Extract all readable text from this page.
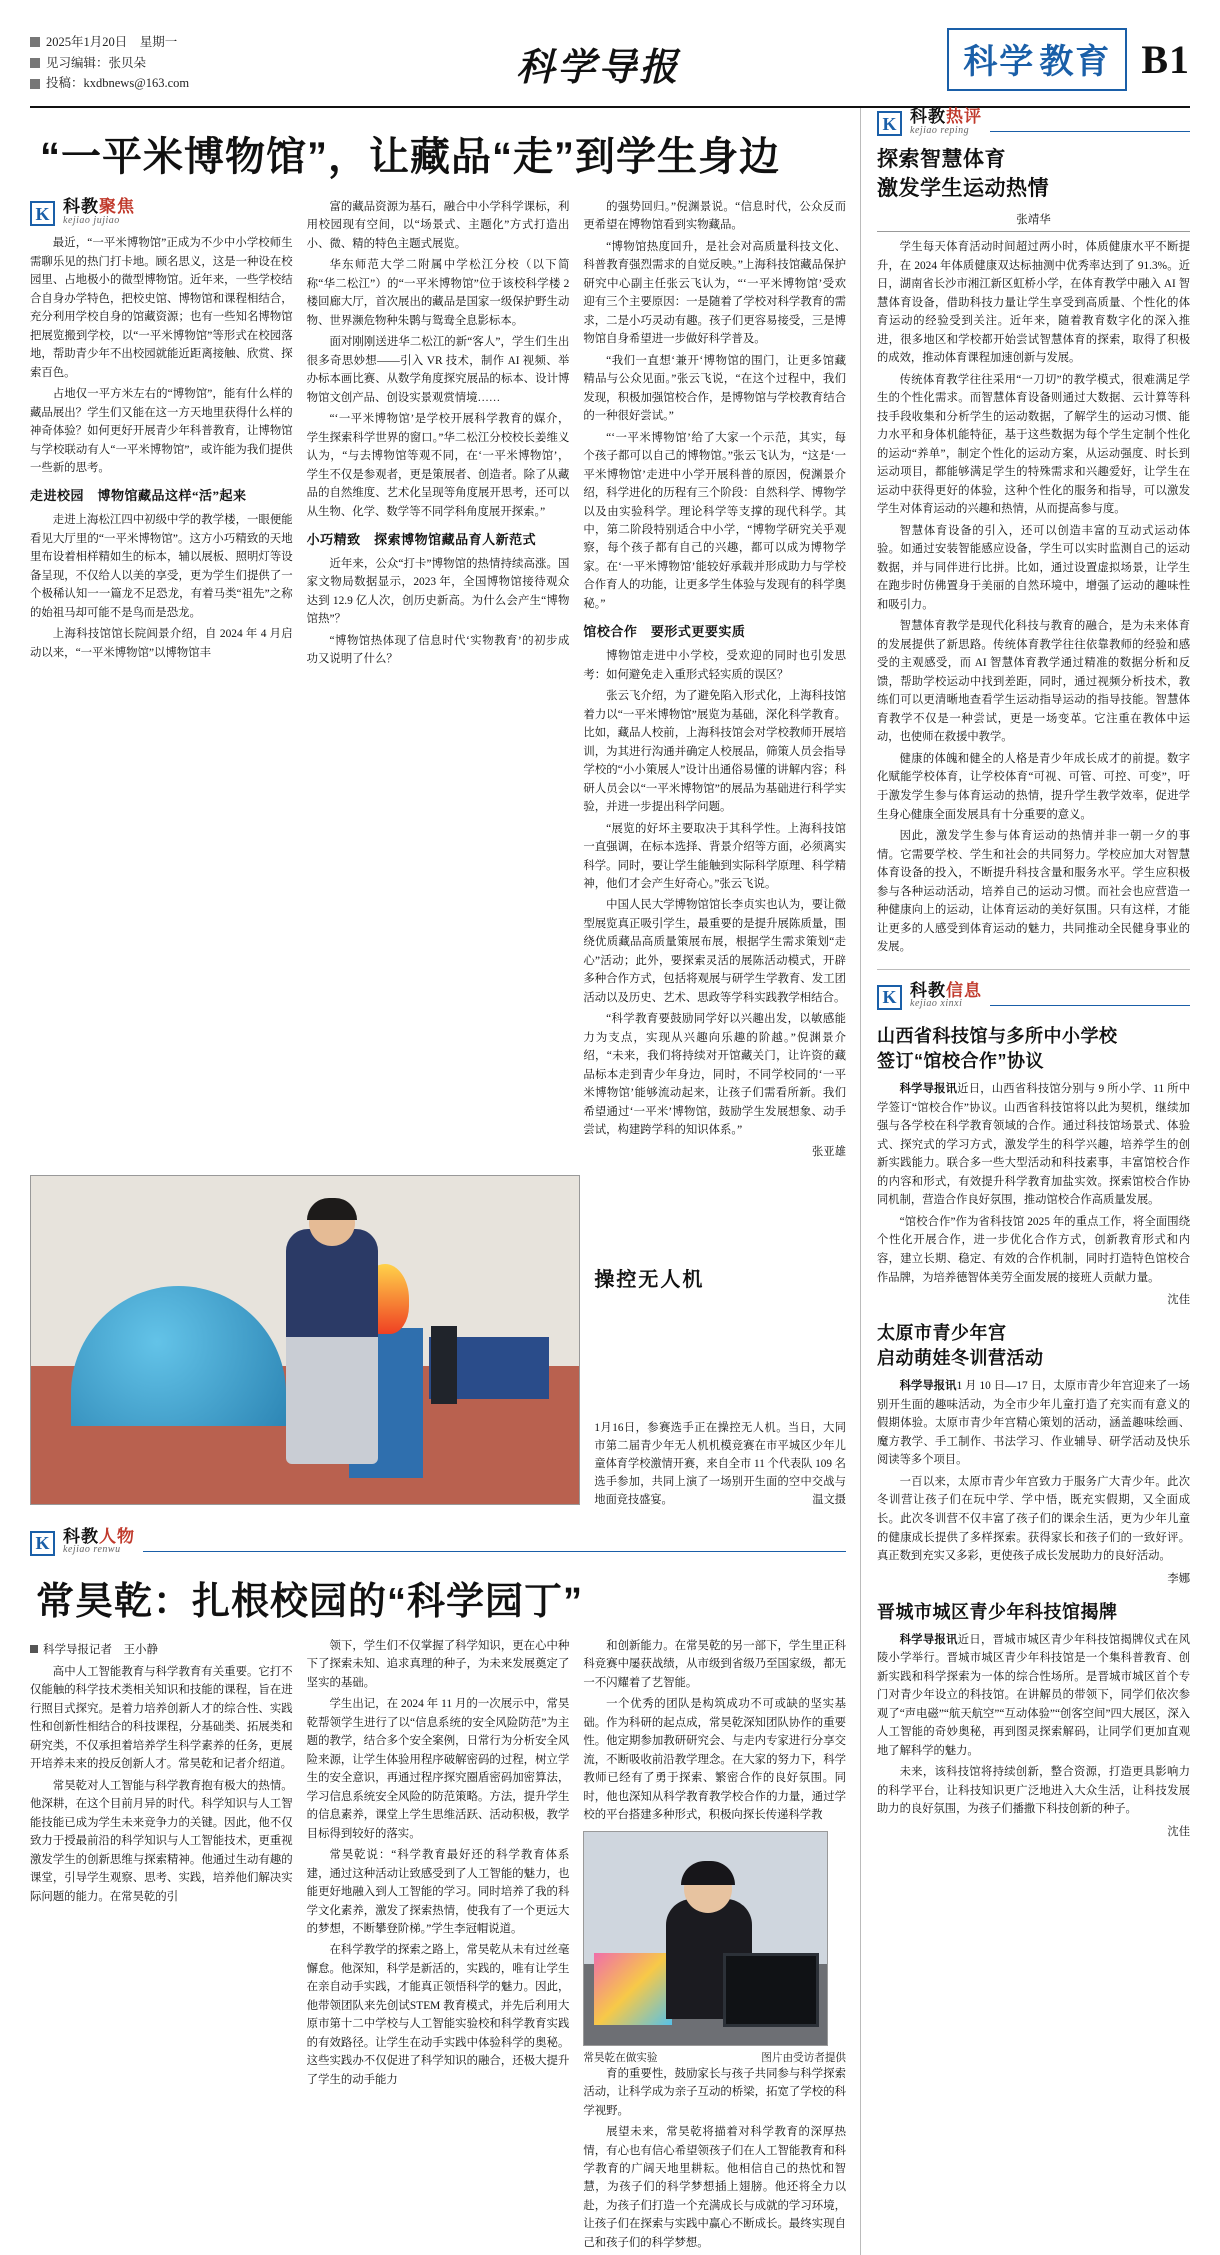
2025年1月20日　星期一
见习编辑：张贝朵
投稿：kxdbnews@163.com	科学导报	科学 教育 B1
“一平米博物馆”，让藏品“走”到学生身边
K 科教聚焦
kejiao jujiao

最近，“一平米博物馆”正成为不少中小学校师生需聊乐见的热门打卡地。顾名思义，这是一种设在校园里、占地极小的微型博物馆。近年来，一些学校结合自身办学特色，把校史馆、博物馆和课程相结合，充分利用学校自身的馆藏资源；也有一些知名博物馆把展览搬到学校，以“一平米博物馆”等形式在校园落地，帮助青少年不出校园就能近距离接触、欣赏、探索百色。

占地仅一平方米左右的“博物馆”，能有什么样的藏品展出？学生们又能在这一方天地里获得什么样的神奇体验？如何更好开展青少年科普教育，让博物馆与学校联动有人“一平米博物馆”，或许能为我们提供一些新的思考。

走进校园　博物馆藏品这样“活”起来

走进上海松江四中初级中学的教学楼，一眼便能看见大厅里的“一平米博物馆”。这方小巧精致的天地里布设着相样精如生的标本，辅以展板、照明灯等设备呈现，不仅给人以美的享受，更为学生们提供了一个极稀认知一一篇龙不足恐龙，有着马类“祖先”之称的始祖马却可能不是鸟而是恐龙。

上海科技馆馆长院闾景介绍，自 2024 年 4 月启动以来，“一平米博物馆”以博物馆丰

富的藏品资源为基石，融合中小学科学课标，利用校园现有空间，以“场景式、主题化”方式打造出小、微、精的特色主题式展览。

华东师范大学二附属中学松江分校（以下简称“华二松江”）的“一平米博物馆”位于该校科学楼 2 楼回廊大厅，首次展出的藏品是国家一级保护野生动物、世界濒危物种朱鹮与鸳鸯全息影标本。

面对刚刚送进华二松江的新“客人”，学生们生出很多奇思妙想——引入 VR 技术，制作 AI 视频、举办标本画比赛、从数学角度探究展品的标本、设计博物馆文创产品、创设实景观赏情境……

“‘一平米博物馆’是学校开展科学教育的媒介，学生探索科学世界的窗口。”华二松江分校校长姜维义认为，“与去博物馆等观不同，在‘一平米博物馆’，学生不仅是参观者，更是策展者、创造者。除了从藏品的自然维度、艺术化呈现等角度展开思考，还可以从生物、化学、数学等不同学科角度展开探索。”

小巧精致　探索博物馆藏品育人新范式

近年来，公众“打卡”博物馆的热情持续高涨。国家文物局数据显示，2023 年，全国博物馆接待观众达到 12.9 亿人次，创历史新高。为什么会产生“博物馆热”？

“博物馆热体现了信息时代‘实物教育’的初步成功又说明了什么？

的强势回归。”倪渊景说。“信息时代，公众反而更希望在博物馆看到实物藏品。

“博物馆热度回升，是社会对高质量科技文化、科普教育强烈需求的自觉反映。”上海科技馆藏品保护研究中心副主任张云飞认为，“‘一平米博物馆’受欢迎有三个主要原因：一是随着了学校对科学教育的需求，二是小巧灵动有趣。孩子们更容易接受，三是博物馆自身希望进一步做好科学普及。

“我们一直想‘兼开‘博物馆的围门，让更多馆藏精品与公众见面。”张云飞说，“在这个过程中，我们发现，积极加强馆校合作，是博物馆与学校教育结合的一种很好尝试。”

“‘一平米博物馆’给了大家一个示范，其实，每个孩子都可以自己的博物馆。”张云飞认为，“这是‘一平米博物馆’走进中小学开展科普的原因，倪渊景介绍，科学进化的历程有三个阶段：自然科学、博物学以及由实验科学。理论科学等支撑的现代科学。其中，第二阶段特别适合中小学，“博物学研究关乎观察，每个孩子都有自己的兴趣，都可以成为博物学家。在‘一平米博物馆’能较好承载并形成助力与学校合作育人的功能，让更多学生体验与发现有的科学奥秘。”

馆校合作　要形式更要实质

博物馆走进中小学校，受欢迎的同时也引发思考：如何避免走入重形式轻实质的误区？

张云飞介绍，为了避免陷入形式化，上海科技馆着力以“一平米博物馆”展览为基础，深化科学教育。比如，藏品人校前，上海科技馆会对学校教师开展培训，为其进行沟通并确定人校展品，筛策人员会指导学校的“小小策展人”设计出通俗易懂的讲解内容；科研人员会以“一平米博物馆”的展品为基础进行科学实验，并进一步提出科学问题。

“展览的好坏主要取决于其科学性。上海科技馆一直强调，在标本选择、背景介绍等方面，必须离实科学。同时，要让学生能触到实际科学原理、科学精神，他们才会产生好奇心。”张云飞说。

中国人民大学博物馆馆长李贞实也认为，要让微型展览真正吸引学生，最重要的是提升展陈质量，围绕优质藏品高质量策展布展，根据学生需求策划“走心”活动；此外，要探索灵活的展陈活动模式，开辟多种合作方式，包括将观展与研学生学教育、发工团活动以及历史、艺术、思政等学科实践教学相结合。

“科学教育要鼓励同学好以兴趣出发，以敏感能力为支点，实现从兴趣向乐趣的阶越。”倪渊景介绍，“未来，我们将持续对开馆藏关门，让许资的藏品标本走到青少年身边，同时，不同学校同的‘一平米博物馆’能够流动起来，让孩子们需看所新。我们希望通过‘一平米’博物馆，鼓励学生发展想象、动手尝试，构建跨学科的知识体系。”

张亚雄
操控无人机
1月16日，参赛选手正在操控无人机。当日，大同市第二届青少年无人机机模竞赛在市平城区少年儿童体育学校激情开赛，来自全市 11 个代表队 109 名选手参加，共同上演了一场别开生面的空中交战与地面竞技盛宴。	温文摄
K 科教人物
kejiao renwu
常昊乾：扎根校园的“科学园丁”
科学导报记者　王小静

高中人工智能教育与科学教育有关重要。它打不仅能触的科学技术类相关知识和技能的课程，旨在进行照目式探究。是着力培养创新人才的综合性、实践性和创新性相结合的科技课程，分基础类、拓展类和研究类，不仅承担着培养学生科学素养的任务，更展开培养未来的投反创新人才。常昊乾和记者介绍道。

常昊乾对人工智能与科学教育抱有极大的热情。他深耕，在这个目前月异的时代。科学知识与人工智能技能已成为学生未来竞争力的关键。因此，他不仅致力于授最前沿的科学知识与人工智能技术，更重视激发学生的创新思维与探索精神。他通过生动有趣的课堂，引导学生观察、思考、实践，培养他们解决实际问题的能力。在常昊乾的引

领下，学生们不仅掌握了科学知识，更在心中种下了探索未知、追求真理的种子，为未来发展奠定了坚实的基础。

学生出记，在 2024 年 11 月的一次展示中，常昊乾帮领学生进行了以“信息系统的安全风险防范”为主题的教学，结合多个安全案例，日常行为分析安全风险来源，让学生体验用程序破解密码的过程，树立学生的安全意识，再通过程序探究圈盾密码加密算法，学习信息系统安全风险的防范策略。方法，提升学生的信息素养，课堂上学生思维活跃、活动积极，教学目标得到较好的落实。

常昊乾说：“科学教育最好还的科学教育体系建，通过这种活动让致感受到了人工智能的魅力，也能更好地融入到人工智能的学习。同时培养了我的科学文化素养，激发了探索热情，使我有了一个更远大的梦想，不断攀登阶梯。”学生李冠帽说道。

在科学教学的探索之路上，常昊乾从未有过丝毫懈怠。他深知，科学是新活的，实践的，唯有让学生在亲自动手实践，才能真正领悟科学的魅力。因此，他带领团队来先创试STEM 教育模式，并先后利用大原市第十二中学校与人工智能实验校和科学教育实践的有效路径。让学生在动手实践中体验科学的奥秘。这些实践办不仅促进了科学知识的融合，还极大提升了学生的动手能力

和创新能力。在常昊乾的另一部下，学生里正科科竞赛中屡获战绩，从市级到省级乃至国家级，都无一不闪耀着了艺智能。

一个优秀的团队是构筑成功不可或缺的坚实基础。作为科研的起点成，常昊乾深知团队协作的重要性。他定期参加教研研究会、与走内专家进行分享交流，不断吸收前沿教学理念。在大家的努力下，科学教师已经有了勇于探索、繁密合作的良好氛围。同时，他也深知从科学教育教学校合作的力量，通过学校的平台搭建多种形式，积极向探长传递科学教

常昊乾在做实验	图片由受访者提供

育的重要性，鼓励家长与孩子共同参与科学探索活动，让科学成为亲子互动的桥梁，拓宽了学校的科学视野。

展望未来，常昊乾将描着对科学教育的深厚热情，有心也有信心希望领孩子们在人工智能教育和科学教育的广阔天地里耕耘。他相信自己的热忱和智慧，为孩子们的科学梦想插上翅膀。他还将全力以赴，为孩子们打造一个充满成长与成就的学习环境，让孩子们在探索与实践中赢心不断成长。最终实现自己和孩子们的科学梦想。

K 科教热评
kejiao reping
探索智慧体育
激发学生运动热情
张靖华

学生每天体育活动时间超过两小时，体质健康水平不断提升，在 2024 年体质健康双达标抽测中优秀率达到了 91.3%。近日，湖南省长沙市湘江新区虹桥小学，在体育教学中融入 AI 智慧体育设备，借助科技力量让学生享受到高质量、个性化的体育运动的经验受到关注。近年来，随着教育数字化的深入推进，很多地区和学校都开始尝试智慧体育的探索，取得了积极的成效，推动体育课程加速创新与发展。

传统体育教学往往采用“一刀切”的教学模式，很难满足学生的个性化需求。而智慧体育设备则通过大数据、云计算等科技手段收集和分析学生的运动数据，了解学生的运动习惯、能力水平和身体机能特征，基于这些数据为每个学生定制个性化的运动“养单”，制定个性化的运动方案，从运动强度、时长到运动项目，都能够满足学生的特殊需求和兴趣爱好，让学生在运动中获得更好的体验，这种个性化的服务和指导，可以激发学生对体育运动的兴趣和热情，从而提高参与度。

智慧体育设备的引入，还可以创造丰富的互动式运动体验。如通过安装智能感应设备，学生可以实时监测自己的运动数据，并与同伴进行比拼。比如，通过设置虚拟场景，让学生在跑步时仿佛置身于美丽的自然环境中，增强了运动的趣味性和吸引力。

智慧体育教学是现代化科技与教育的融合，是为未来体育的发展提供了新思路。传统体育教学往往依靠教师的经验和感受的主观感受，而 AI 智慧体育教学通过精准的数据分析和反馈，帮助学校运动中找到差距，同时，通过视频分析技术，教练们可以更清晰地查看学生运动指导运动的指导技能。智慧体育教学不仅是一种尝试，更是一场变革。它注重在教体中运动，也使师在救援中教学。

健康的体魄和健全的人格是青少年成长成才的前提。数字化赋能学校体育，让学校体育“可视、可管、可控、可变”，吁于激发学生参与体育运动的热情，提升学生教学效率，促进学生身心健康全面发展具有十分重要的意义。

因此，激发学生参与体育运动的热情并非一朝一夕的事情。它需要学校、学生和社会的共同努力。学校应加大对智慧体育设备的投入，不断提升科技含量和服务水平。学生应积极参与各种运动活动，培养自己的运动习惯。而社会也应营造一种健康向上的运动，让体育运动的美好氛围。只有这样，才能让更多的人感受到体育运动的魅力，共同推动全民健身事业的发展。

K 科教信息
kejiao xinxi
山西省科技馆与多所中小学校
签订“馆校合作”协议

科学导报讯近日，山西省科技馆分别与 9 所小学、11 所中学签订“馆校合作”协议。山西省科技馆将以此为契机，继续加强与各学校在科学教育领域的合作。通过科技馆场景式、体验式、探究式的学习方式，激发学生的科学兴趣，培养学生的创新实践能力。联合多一些大型活动和科技素事，丰富馆校合作的内容和形式，有效提升科学教育加盐实效。探索馆校合作协同机制，营造合作良好氛围，推动馆校合作高质量发展。

“馆校合作”作为省科技馆 2025 年的重点工作，将全面围绕个性化开展合作，进一步优化合作方式，创新教育形式和内容，建立长期、稳定、有效的合作机制，同时打造特色馆校合作品牌，为培养德智体美劳全面发展的接班人贡献力量。

沈佳
太原市青少年宫
启动萌娃冬训营活动

科学导报讯1 月 10 日—17 日，太原市青少年宫迎来了一场别开生面的趣味活动，为全市少年儿童打造了充实而有意义的假期体验。太原市青少年宫精心策划的活动，涵盖趣味绘画、魔方教学、手工制作、书法学习、作业辅导、研学活动及快乐阅读等多个项目。

一百以来，太原市青少年宫致力于服务广大青少年。此次冬训营让孩子们在玩中学、学中悟，既充实假期，又全面成长。此次冬训营不仅丰富了孩子们的课余生活，更为少年儿童的健康成长提供了多样探索。获得家长和孩子们的一致好评。真正数到充实又多彩，更使孩子成长发展助力的良好活动。

李娜
晋城市城区青少年科技馆揭牌

科学导报讯近日，晋城市城区青少年科技馆揭牌仪式在风陵小学举行。晋城市城区青少年科技馆是一个集科普教育、创新实践和科学探索为一体的综合性场所。是晋城市城区首个专门对青少年设立的科技馆。在讲解员的带领下，同学们依次参观了“声电磁”“航天航空”“互动体验”“创客空间”四大展区，深入人工智能的奇妙奥秘，再到图灵探索解码，让同学们更加直观地了解科学的魅力。

未来，该科技馆将持续创新，整合资源，打造更具影响力的科学平台，让科技知识更广泛地进入大众生活，让科技发展助力的良好氛围，为孩子们播撒下科技创新的种子。

沈佳
